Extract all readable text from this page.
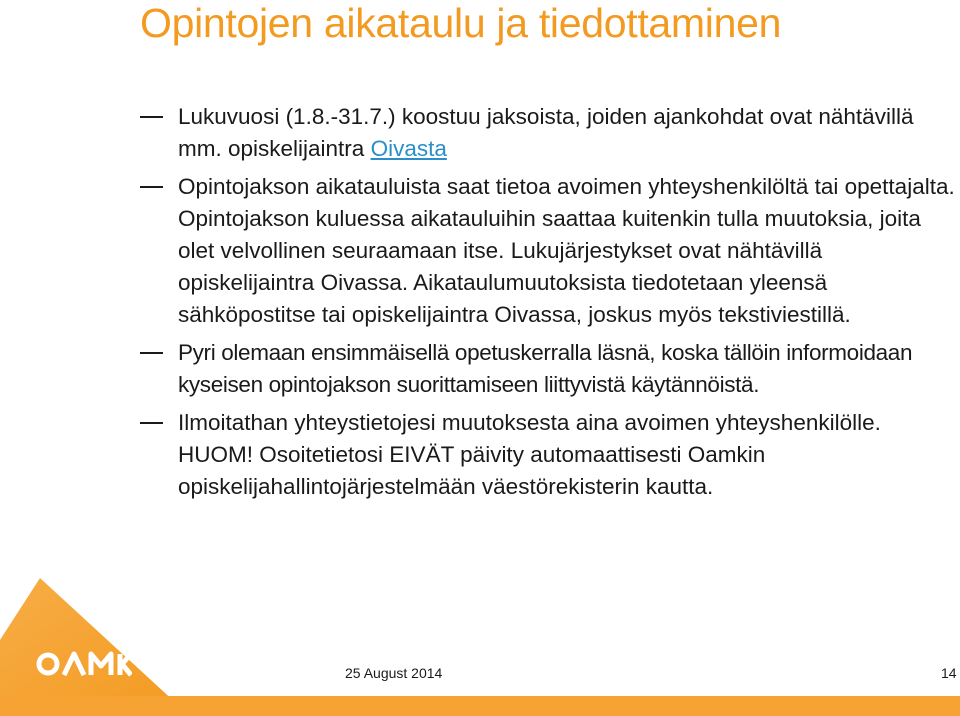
Opintojen aikataulu ja tiedottaminen
Lukuvuosi (1.8.-31.7.) koostuu jaksoista, joiden ajankohdat ovat nähtävillä mm. opiskelijaintra Oivasta
Opintojakson aikatauluista saat tietoa avoimen yhteyshenkilöltä tai opettajalta. Opintojakson kuluessa aikatauluihin saattaa kuitenkin tulla muutoksia, joita olet velvollinen seuraamaan itse. Lukujärjestykset ovat nähtävillä opiskelijaintra Oivassa. Aikataulumuutoksista tiedotetaan yleensä sähköpostitse tai opiskelijaintra Oivassa, joskus myös tekstiviestillä.
Pyri olemaan ensimmäisellä opetuskerralla läsnä, koska tällöin informoidaan kyseisen opintojakson suorittamiseen liittyvistä käytännöistä.
Ilmoitathan yhteystietojesi muutoksesta aina avoimen yhteyshenkilölle. HUOM! Osoitetietosi EIVÄT päivity automaattisesti Oamkin opiskelijahallintojärjestelmään väestörekisterin kautta.
25 August 2014	14
